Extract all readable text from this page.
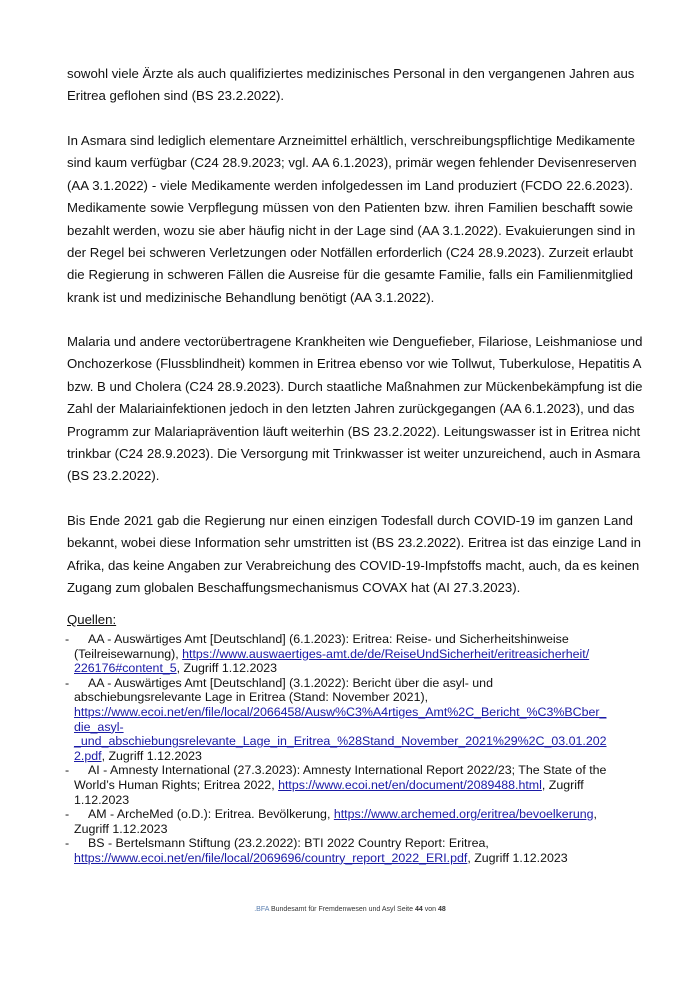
sowohl viele Ärzte als auch qualifiziertes medizinisches Personal in den vergangenen Jahren aus
Eritrea geflohen sind (BS 23.2.2022).
In Asmara sind lediglich elementare Arzneimittel erhältlich, verschreibungspflichtige Medikamente
sind kaum verfügbar (C24 28.9.2023; vgl. AA 6.1.2023), primär wegen fehlender Devisenreserven
(AA 3.1.2022) - viele Medikamente werden infolgedessen im Land produziert (FCDO 22.6.2023).
Medikamente sowie Verpflegung müssen von den Patienten bzw. ihren Familien beschafft sowie
bezahlt werden, wozu sie aber häufig nicht in der Lage sind (AA 3.1.2022). Evakuierungen sind in
der Regel bei schweren Verletzungen oder Notfällen erforderlich (C24 28.9.2023). Zurzeit erlaubt
die Regierung in schweren Fällen die Ausreise für die gesamte Familie, falls ein Familienmitglied
krank ist und medizinische Behandlung benötigt (AA 3.1.2022).
Malaria und andere vectorübertragene Krankheiten wie Denguefieber, Filariose, Leishmaniose und
Onchozerkose (Flussblindheit) kommen in Eritrea ebenso vor wie Tollwut, Tuberkulose, Hepatitis A
bzw. B und Cholera (C24 28.9.2023). Durch staatliche Maßnahmen zur Mückenbekämpfung ist die
Zahl der Malariainfektionen jedoch in den letzten Jahren zurückgegangen (AA 6.1.2023), und das
Programm zur Malariaprävention läuft weiterhin (BS 23.2.2022). Leitungswasser ist in Eritrea nicht
trinkbar (C24 28.9.2023). Die Versorgung mit Trinkwasser ist weiter unzureichend, auch in Asmara
(BS 23.2.2022).
Bis Ende 2021 gab die Regierung nur einen einzigen Todesfall durch COVID-19 im ganzen Land
bekannt, wobei diese Information sehr umstritten ist (BS 23.2.2022). Eritrea ist das einzige Land in
Afrika, das keine Angaben zur Verabreichung des COVID-19-Impfstoffs macht, auch, da es keinen
Zugang zum globalen Beschaffungsmechanismus COVAX hat (AI 27.3.2023).
Quellen:
-	AA - Auswärtiges Amt [Deutschland] (6.1.2023): Eritrea: Reise- und Sicherheitshinweise
(Teilreisewarnung), https://www.auswaertiges-amt.de/de/ReiseUndSicherheit/eritreasicherheit/
226176#content_5, Zugriff 1.12.2023
-	AA - Auswärtiges Amt [Deutschland] (3.1.2022): Bericht über die asyl- und
abschiebungsrelevante Lage in Eritrea (Stand: November 2021),
https://www.ecoi.net/en/file/local/2066458/Ausw%C3%A4rtiges_Amt%2C_Bericht_%C3%BCber_
die_asyl-
_und_abschiebungsrelevante_Lage_in_Eritrea_%28Stand_November_2021%29%2C_03.01.202
2.pdf, Zugriff 1.12.2023
-	AI - Amnesty International (27.3.2023): Amnesty International Report 2022/23; The State of the
World’s Human Rights; Eritrea 2022, https://www.ecoi.net/en/document/2089488.html, Zugriff
1.12.2023
-	AM - ArcheMed (o.D.): Eritrea. Bevölkerung, https://www.archemed.org/eritrea/bevoelkerung,
Zugriff 1.12.2023
-	BS - Bertelsmann Stiftung (23.2.2022): BTI 2022 Country Report: Eritrea,
https://www.ecoi.net/en/file/local/2069696/country_report_2022_ERI.pdf, Zugriff 1.12.2023
.BFA Bundesamt für Fremdenwesen und Asyl Seite 44 von 48
